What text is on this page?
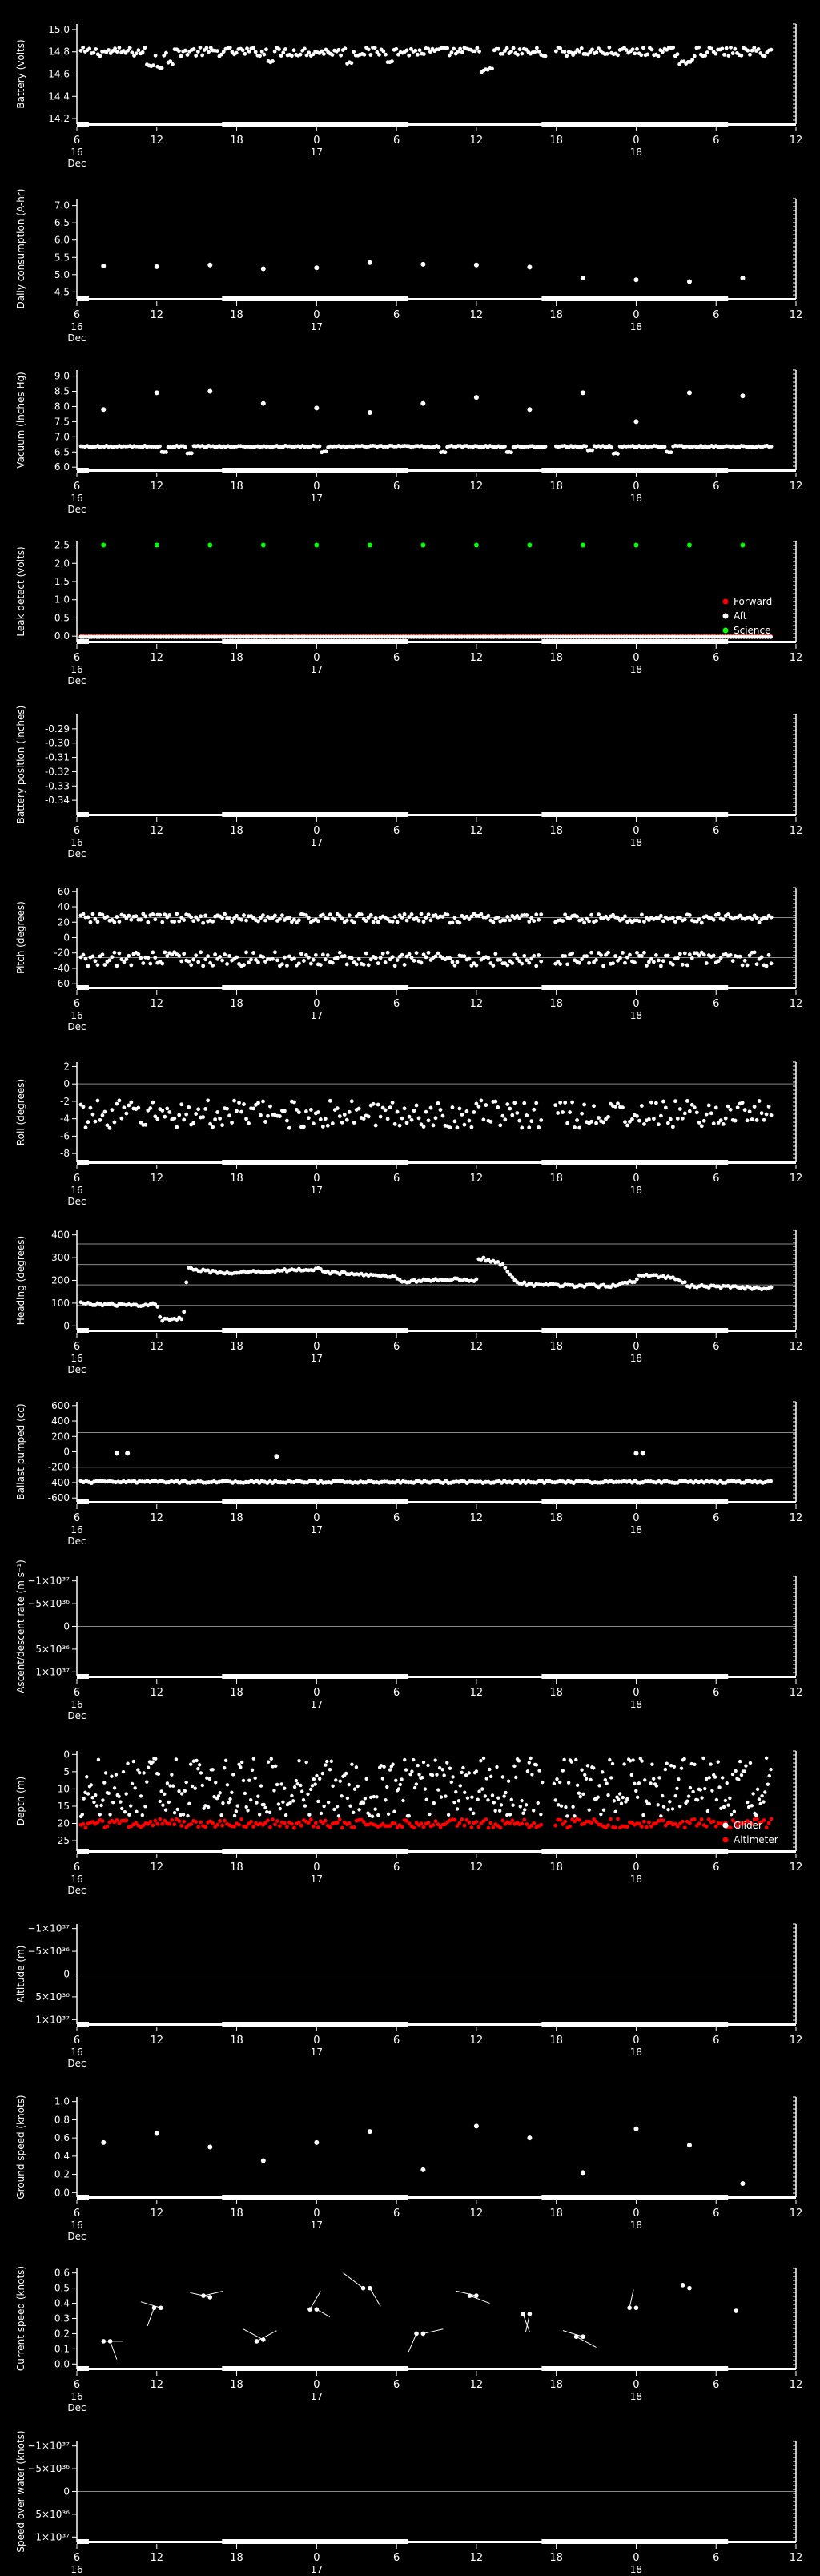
6	12	18	0	6	12	18	0	6	12
16
Dec
17	18
15.0
14.8
14.6
14.4
14.2
Battery (volts)
6	12	18	0	6	12	18	0	6	12
16
Dec
17	18
7.0
6.5
6.0
5.5
5.0
4.5
Daily consumption (A-hr)
6	12	18	0	6	12	18	0	6	12
16
Dec
17	18
9.0
8.5
8.0
7.5
7.0
6.5
6.0
Vacuum (inches Hg)
6	12	18	0	6	12	18	0	6	12
16
Dec
17	18
2.5
2.0
1.5
1.0
0.5
0.0
Leak detect (volts)	Forward
Aft
Science
6	12	18	0	6	12	18	0	6	12
16
Dec
17	18
-0.29
-0.30
-0.31
-0.32
-0.33
-0.34
Battery position (inches)
6	12	18	0	6	12	18	0	6	12
16
Dec
17	18
60
40
20
0
-20
-40
-60
Pitch (degrees)
6	12	18	0	6	12	18	0	6	12
16
Dec
17	18
2
0
-2
-4
-6
-8
Roll (degrees)
6	12	18	0	6	12	18	0	6	12
16
Dec
17	18
400
300
200
100
0
Heading (degrees)
6	12	18	0	6	12	18	0	6	12
16
Dec
17	18
600
400
200
0
-200
-400
-600
Ballast pumped (cc)
6	12	18	0	6	12	18	0	6	12
16
Dec
17	18
−1×10³⁷
−5×10³⁶
0
5×10³⁶
1×10³⁷
Ascent/descent rate (m s⁻¹)
6	12	18	0	6	12	18	0	6	12
16
Dec
17	18
0
5
10
15
20
25
Depth (m)	Glider
Altimeter
6	12	18	0	6	12	18	0	6	12
16
Dec
17	18
−1×10³⁷
−5×10³⁶
0
5×10³⁶
1×10³⁷
Altitude (m)
6	12	18	0	6	12	18	0	6	12
16
Dec
17	18
1.0
0.8
0.6
0.4
0.2
0.0
Ground speed (knots)
6	12	18	0	6	12	18	0	6	12
16
Dec
17	18
0.6
0.5
0.4
0.3
0.2
0.1
0.0
Current speed (knots)
6	12	18	0	6	12	18	0	6	12
16	17	18
−1×10³⁷
−5×10³⁶
0
5×10³⁶
1×10³⁷
Speed over water (knots)
